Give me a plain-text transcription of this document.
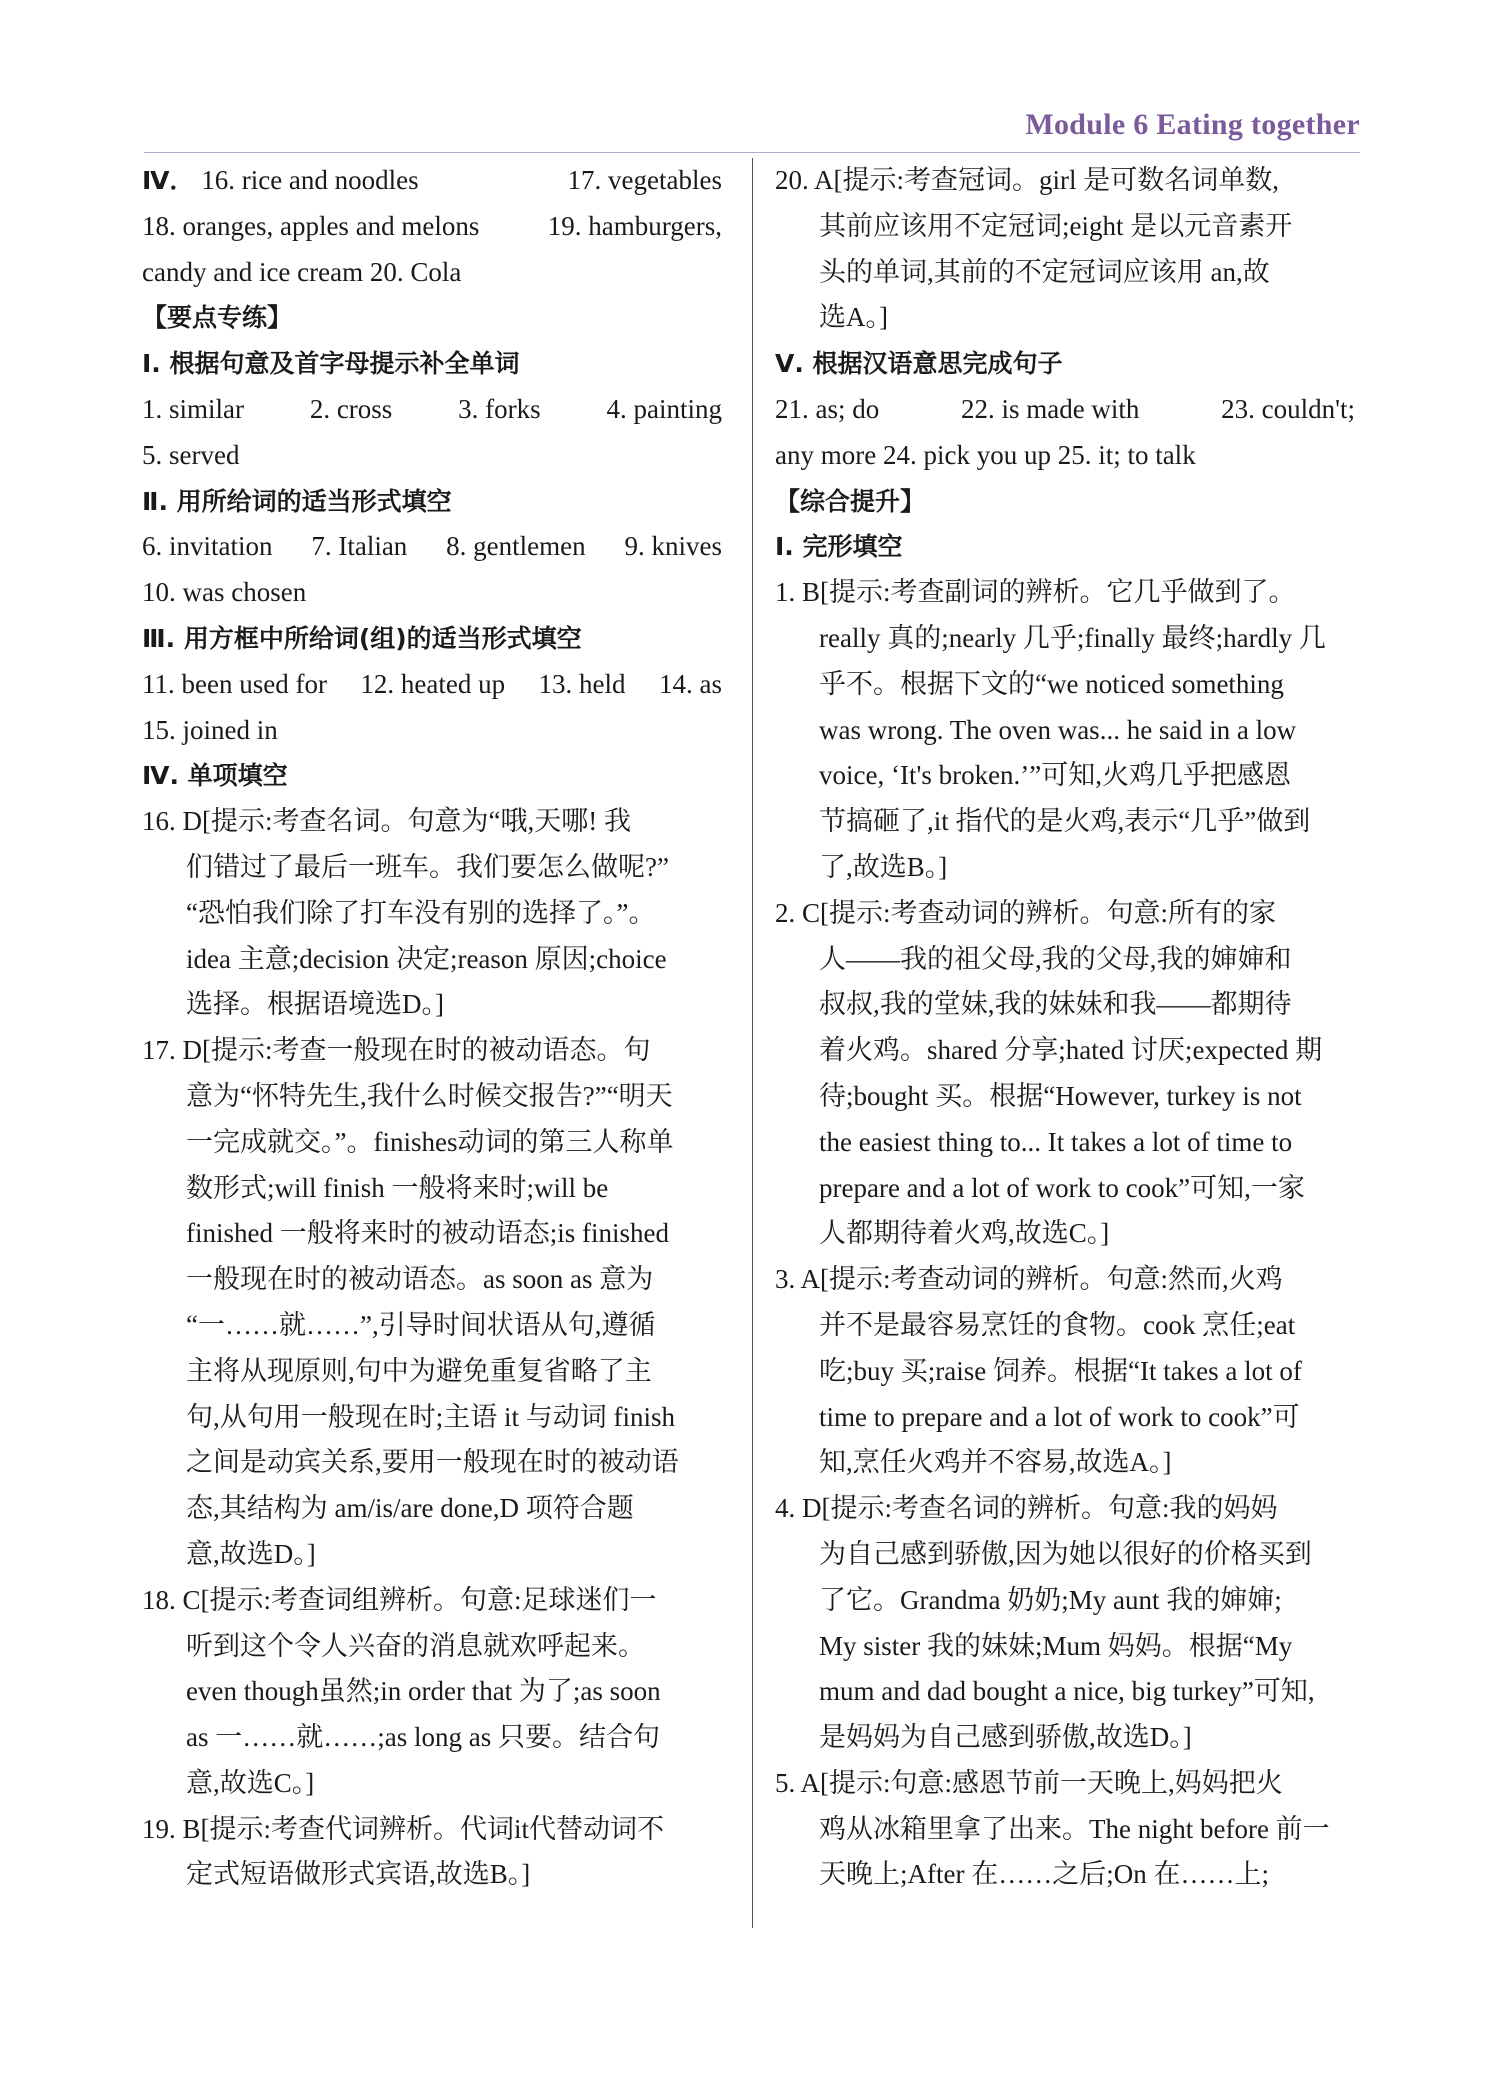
Module 6 Eating together
Ⅳ． 16. rice and noodles	17. vegetables
18. oranges, apples and melons	19. hamburgers,
candy and ice cream 20. Cola
【要点专练】
Ⅰ. 根据句意及首字母提示补全单词
1. similar 2. cross 3. forks 4. painting
5. served
Ⅱ. 用所给词的适当形式填空
6. invitation 7. Italian 8. gentlemen 9. knives
10. was chosen
Ⅲ. 用方框中所给词(组)的适当形式填空
11. been used for 12. heated up 13. held 14. as
15. joined in
Ⅳ. 单项填空
16. D[提示:考查名词。句意为“哦,天哪! 我
们错过了最后一班车。我们要怎么做呢?”
“恐怕我们除了打车没有别的选择了。”。
idea 主意;decision 决定;reason 原因;choice
选择。根据语境选D。]
17. D[提示:考查一般现在时的被动语态。句
意为“怀特先生,我什么时候交报告?”“明天
一完成就交。”。finishes动词的第三人称单
数形式;will finish 一般将来时;will be
finished 一般将来时的被动语态;is finished
一般现在时的被动语态。as soon as 意为
“一……就……”,引导时间状语从句,遵循
主将从现原则,句中为避免重复省略了主
句,从句用一般现在时;主语 it 与动词 finish
之间是动宾关系,要用一般现在时的被动语
态,其结构为 am/is/are done,D 项符合题
意,故选D。]
18. C[提示:考查词组辨析。句意:足球迷们一
听到这个令人兴奋的消息就欢呼起来。
even though虽然;in order that 为了;as soon
as 一……就……;as long as 只要。结合句
意,故选C。]
19. B[提示:考查代词辨析。代词it代替动词不
定式短语做形式宾语,故选B。]
20. A[提示:考查冠词。girl 是可数名词单数,
其前应该用不定冠词;eight 是以元音素开
头的单词,其前的不定冠词应该用 an,故
选A。]
Ⅴ. 根据汉语意思完成句子
21. as; do	22. is made with	23. couldn't;
any more 24. pick you up 25. it; to talk
【综合提升】
Ⅰ. 完形填空
1. B[提示:考查副词的辨析。它几乎做到了。
really 真的;nearly 几乎;finally 最终;hardly 几
乎不。根据下文的“we noticed something
was wrong. The oven was... he said in a low
voice, ‘It's broken.’”可知,火鸡几乎把感恩
节搞砸了,it 指代的是火鸡,表示“几乎”做到
了,故选B。]
2. C[提示:考查动词的辨析。句意:所有的家
人——我的祖父母,我的父母,我的婶婶和
叔叔,我的堂妹,我的妹妹和我——都期待
着火鸡。shared 分享;hated 讨厌;expected 期
待;bought 买。根据“However, turkey is not
the easiest thing to... It takes a lot of time to
prepare and a lot of work to cook”可知,一家
人都期待着火鸡,故选C。]
3. A[提示:考查动词的辨析。句意:然而,火鸡
并不是最容易烹饪的食物。cook 烹任;eat
吃;buy 买;raise 饲养。根据“It takes a lot of
time to prepare and a lot of work to cook”可
知,烹任火鸡并不容易,故选A。]
4. D[提示:考查名词的辨析。句意:我的妈妈
为自己感到骄傲,因为她以很好的价格买到
了它。Grandma 奶奶;My aunt 我的婶婶;
My sister 我的妹妹;Mum 妈妈。根据“My
mum and dad bought a nice, big turkey”可知,
是妈妈为自己感到骄傲,故选D。]
5. A[提示:句意:感恩节前一天晚上,妈妈把火
鸡从冰箱里拿了出来。The night before 前一
天晚上;After 在……之后;On 在……上;
